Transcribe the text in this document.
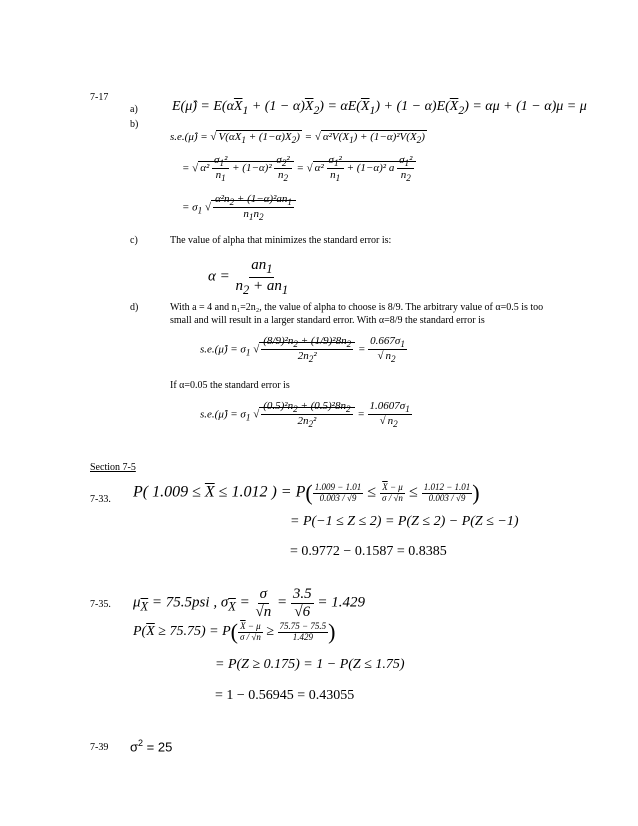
7-17
a) E(μ̂) = $E(\alpha\overline{X}_1 + (1 - \alpha)\overline{X}_2) = \alpha E(\overline{X}_1) + (1 - \alpha)E(\overline{X}_2) = \alpha\mu + (1 - \alpha)\mu = \mu$
b)
s.e.(μ̂) = √ $V(\alpha\overline{X}_1 + (1-\alpha)\overline{X}_2)$ = √ $\alpha^2V(\overline{X}_1) + (1-\alpha)^2V(\overline{X}_2)$
= √ $\alpha^2 \frac{\sigma_1^2}{n_1} + (1-\alpha)^2 \frac{\sigma_2^2}{n_2}$ = √ $\alpha^2 \frac{\sigma_1^2}{n_1} + (1-\alpha)^2$ a $\frac{\sigma_1^2}{n_2}$
= $\sigma_1$ √ $\frac{\alpha^2n_2 + (1-\alpha)^2an_1}{n_1n_2}$
c)	The value of alpha that minimizes the standard error is:
$\alpha = \frac{an_1}{n_2 + an_1}$
d)	With a = 4 and n₁=2n₂, the value of alpha to choose is 8/9. The arbitrary value of α=0.5 is too
small and will result in a larger standard error. With α=8/9 the standard error is
s.e.(μ̂) = $\sigma_1$ √ $\frac{(8/9)^2n_2 + (1/9)^28n_2}{2n_2^2} = \frac{0.667\sigma_1}{√ n_2}$
If α=0.05 the standard error is
s.e.(μ̂) = $\sigma_1$ √ $\frac{(0.5)^2n_2 + (0.5)^28n_2}{2n_2^2} = \frac{1.0607\sigma_1}{√ n_2}$
Section 7-5
7-33. P( $1.009 \le \overline{X} \le 1.012$ ) = $P( \frac{1.009 - 1.01}{0.003 / √9} \le \frac{\overline{X} - \mu}{\sigma / √n} \le \frac{1.012 - 1.01}{0.003 / √9}$ )
= P(−1 ≤ Z ≤ 2) = P(Z ≤ 2) − P(Z ≤ −1)
= 0.9772 − 0.1587 = 0.8385
7-35. $\mu_{\overline{X}} = 75.5psi$ , $\sigma_{\overline{X}} = \frac{\sigma}{√n} = \frac{3.5}{√6} = 1.429$
$P(\overline{X} \ge 75.75) = P( \frac{\overline{X} - \mu}{\sigma / √n} \ge \frac{75.75 - 75.5}{1.429}$ )
= P(Z ≥ 0.175) = 1 − P(Z ≤ 1.75)
= 1 − 0.56945 = 0.43055
7-39 $\sigma^2 = 25$
